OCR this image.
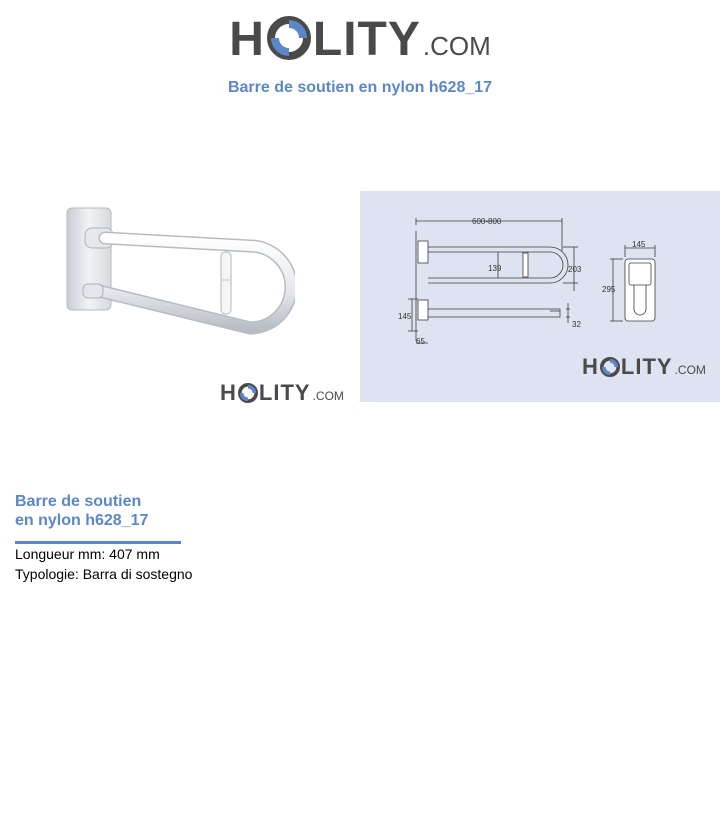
H LITY .COM
Barre de soutien en nylon h628_17
H LITY .COM
600-800
139	203
145
295
145
65
32
H LITY .COM
Barre de soutien
en nylon h628_17
Longueur mm: 407 mm
Typologie: Barra di sostegno
